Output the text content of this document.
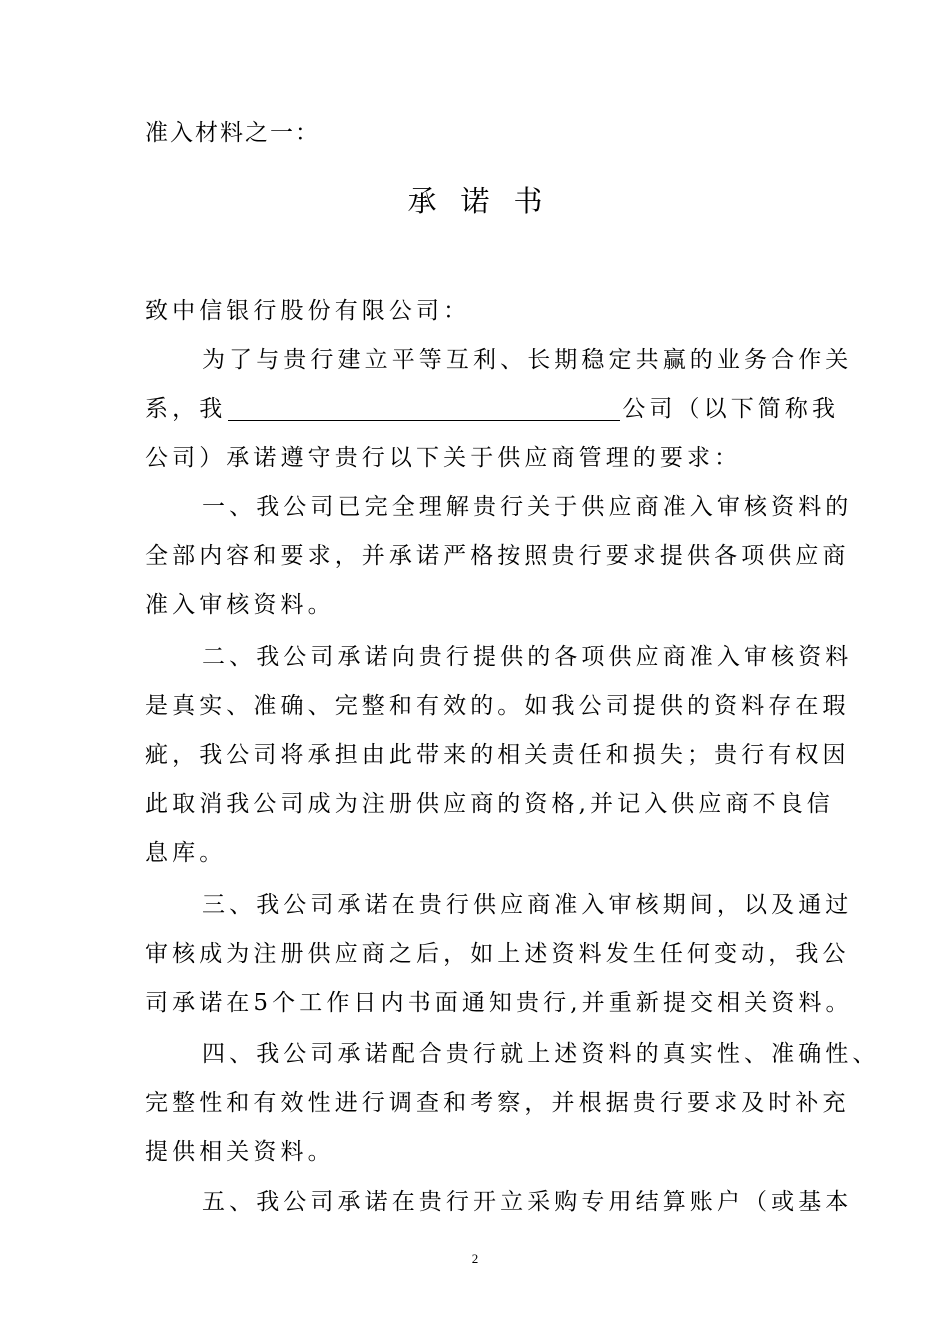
准入材料之一：
承诺书
致中信银行股份有限公司：
为了与贵行建立平等互利、长期稳定共赢的业务合作关
系，我	公司（以下简称我
公司）承诺遵守贵行以下关于供应商管理的要求：
一、我公司已完全理解贵行关于供应商准入审核资料的
全部内容和要求，并承诺严格按照贵行要求提供各项供应商
准入审核资料。
二、我公司承诺向贵行提供的各项供应商准入审核资料
是真实、准确、完整和有效的。如我公司提供的资料存在瑕
疵，我公司将承担由此带来的相关责任和损失；贵行有权因
此取消我公司成为注册供应商的资格,并记入供应商不良信
息库。
三、我公司承诺在贵行供应商准入审核期间，以及通过
审核成为注册供应商之后，如上述资料发生任何变动，我公
司承诺在5个工作日内书面通知贵行,并重新提交相关资料。
四、我公司承诺配合贵行就上述资料的真实性、准确性、
完整性和有效性进行调查和考察，并根据贵行要求及时补充
提供相关资料。
五、我公司承诺在贵行开立采购专用结算账户（或基本
2
